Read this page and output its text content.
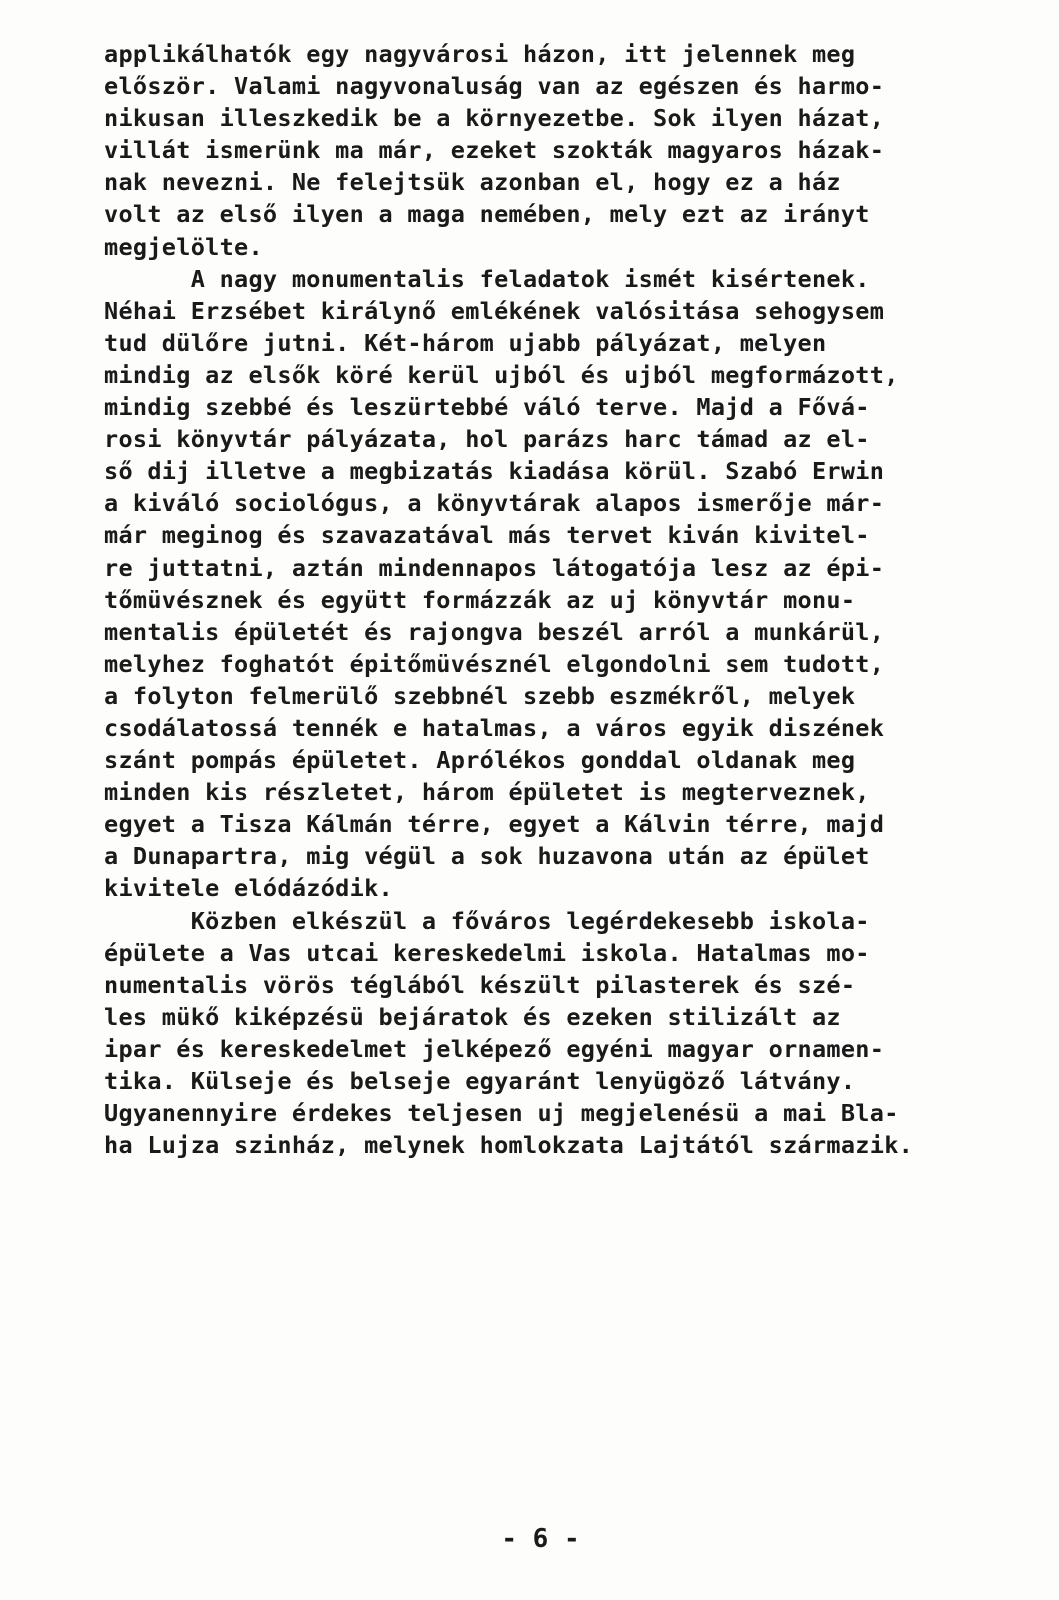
applikálhatók egy nagyvárosi házon, itt jelennek meg
először. Valami nagyvonaluság van az egészen és harmo-
nikusan illeszkedik be a környezetbe. Sok ilyen házat,
villát ismerünk ma már, ezeket szokták magyaros házak-
nak nevezni. Ne felejtsük azonban el, hogy ez a ház
volt az első ilyen a maga nemében, mely ezt az irányt
megjelölte.
A nagy monumentalis feladatok ismét kisértenek.
Néhai Erzsébet királynő emlékének valósitása sehogysem
tud dülőre jutni. Két-három ujabb pályázat, melyen
mindig az elsők köré kerül ujból és ujból megformázott,
mindig szebbé és leszürtebbé váló terve. Majd a Fővá-
rosi könyvtár pályázata, hol parázs harc támad az el-
ső dij illetve a megbizatás kiadása körül. Szabó Erwin
a kiváló sociológus, a könyvtárak alapos ismerője már-
már meginog és szavazatával más tervet kiván kivitel-
re juttatni, aztán mindennapos látogatója lesz az épi-
tőmüvésznek és együtt formázzák az uj könyvtár monu-
mentalis épületét és rajongva beszél arról a munkárül,
melyhez foghatót épitőmüvésznél elgondolni sem tudott,
a folyton felmerülő szebbnél szebb eszmékről, melyek
csodálatossá tennék e hatalmas, a város egyik diszének
szánt pompás épületet. Aprólékos gonddal oldanak meg
minden kis részletet, három épületet is megterveznek,
egyet a Tisza Kálmán térre, egyet a Kálvin térre, majd
a Dunapartra, mig végül a sok huzavona után az épület
kivitele elódázódik.
Közben elkészül a főváros legérdekesebb iskola-
épülete a Vas utcai kereskedelmi iskola. Hatalmas mo-
numentalis vörös téglából készült pilasterek és szé-
les mükő kiképzésü bejáratok és ezeken stilizált az
ipar és kereskedelmet jelképező egyéni magyar ornamen-
tika. Külseje és belseje egyaránt lenyügöző látvány.
Ugyanennyire érdekes teljesen uj megjelenésü a mai Bla-
ha Lujza szinház, melynek homlokzata Lajtától származik.
- 6 -
